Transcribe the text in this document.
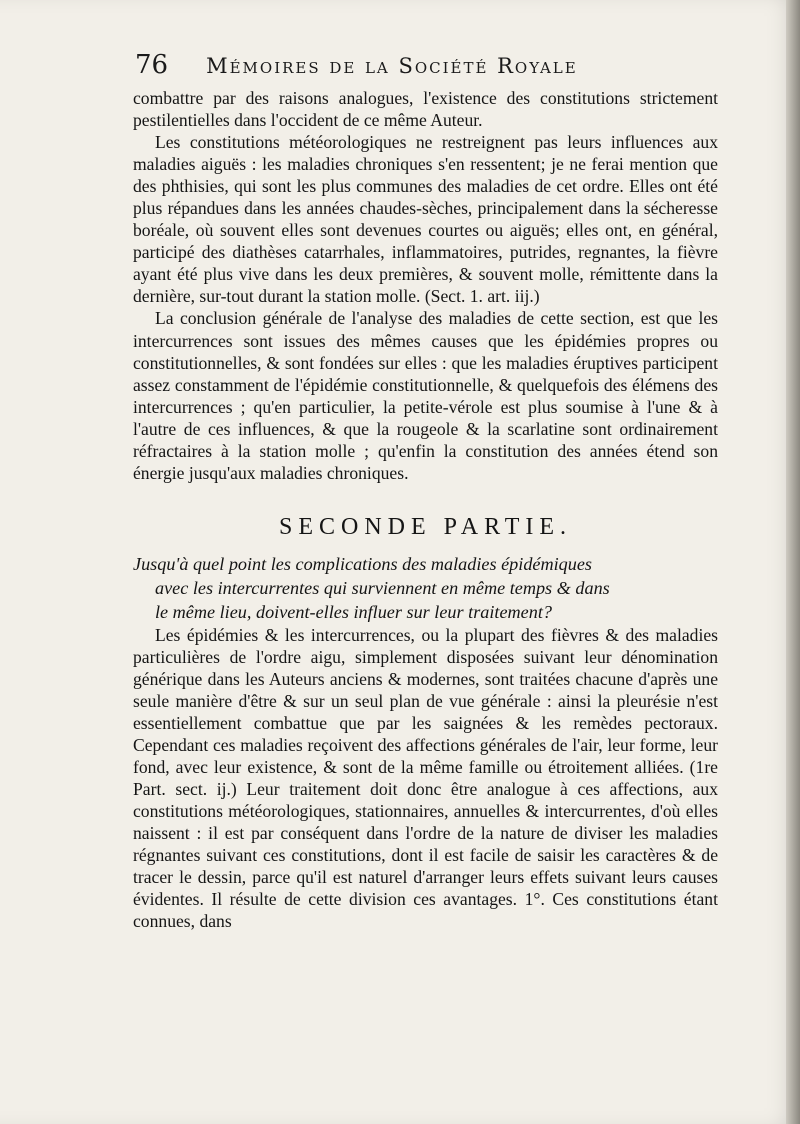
76 Mémoires de la Société Royale

combattre par des raisons analogues, l'existence des constitutions strictement pestilentielles dans l'occident de ce même Auteur.

Les constitutions météorologiques ne restreignent pas leurs influences aux maladies aiguës : les maladies chroniques s'en ressentent; je ne ferai mention que des phthisies, qui sont les plus communes des maladies de cet ordre. Elles ont été plus répandues dans les années chaudes-sèches, principalement dans la sécheresse boréale, où souvent elles sont devenues courtes ou aiguës; elles ont, en général, participé des diathèses catarrhales, inflammatoires, putrides, regnantes, la fièvre ayant été plus vive dans les deux premières, & souvent molle, rémittente dans la dernière, sur-tout durant la station molle. (Sect. 1. art. iij.)

La conclusion générale de l'analyse des maladies de cette section, est que les intercurrences sont issues des mêmes causes que les épidémies propres ou constitutionnelles, & sont fondées sur elles : que les maladies éruptives participent assez constamment de l'épidémie constitutionnelle, & quelquefois des élémens des intercurrences ; qu'en particulier, la petite-vérole est plus soumise à l'une & à l'autre de ces influences, & que la rougeole & la scarlatine sont ordinairement réfractaires à la station molle ; qu'enfin la constitution des années étend son énergie jusqu'aux maladies chroniques.

SECONDE PARTIE.
Jusqu'à quel point les complications des maladies épidémiques
avec les intercurrentes qui surviennent en même temps & dans
le même lieu, doivent-elles influer sur leur traitement?

Les épidémies & les intercurrences, ou la plupart des fièvres & des maladies particulières de l'ordre aigu, simplement disposées suivant leur dénomination générique dans les Auteurs anciens & modernes, sont traitées chacune d'après une seule manière d'être & sur un seul plan de vue générale : ainsi la pleurésie n'est essentiellement combattue que par les saignées & les remèdes pectoraux. Cependant ces maladies reçoivent des affections générales de l'air, leur forme, leur fond, avec leur existence, & sont de la même famille ou étroitement alliées. (1re Part. sect. ij.) Leur traitement doit donc être analogue à ces affections, aux constitutions météorologiques, stationnaires, annuelles & intercurrentes, d'où elles naissent : il est par conséquent dans l'ordre de la nature de diviser les maladies régnantes suivant ces constitutions, dont il est facile de saisir les caractères & de tracer le dessin, parce qu'il est naturel d'arranger leurs effets suivant leurs causes évidentes. Il résulte de cette division ces avantages. 1°. Ces constitutions étant connues, dans
